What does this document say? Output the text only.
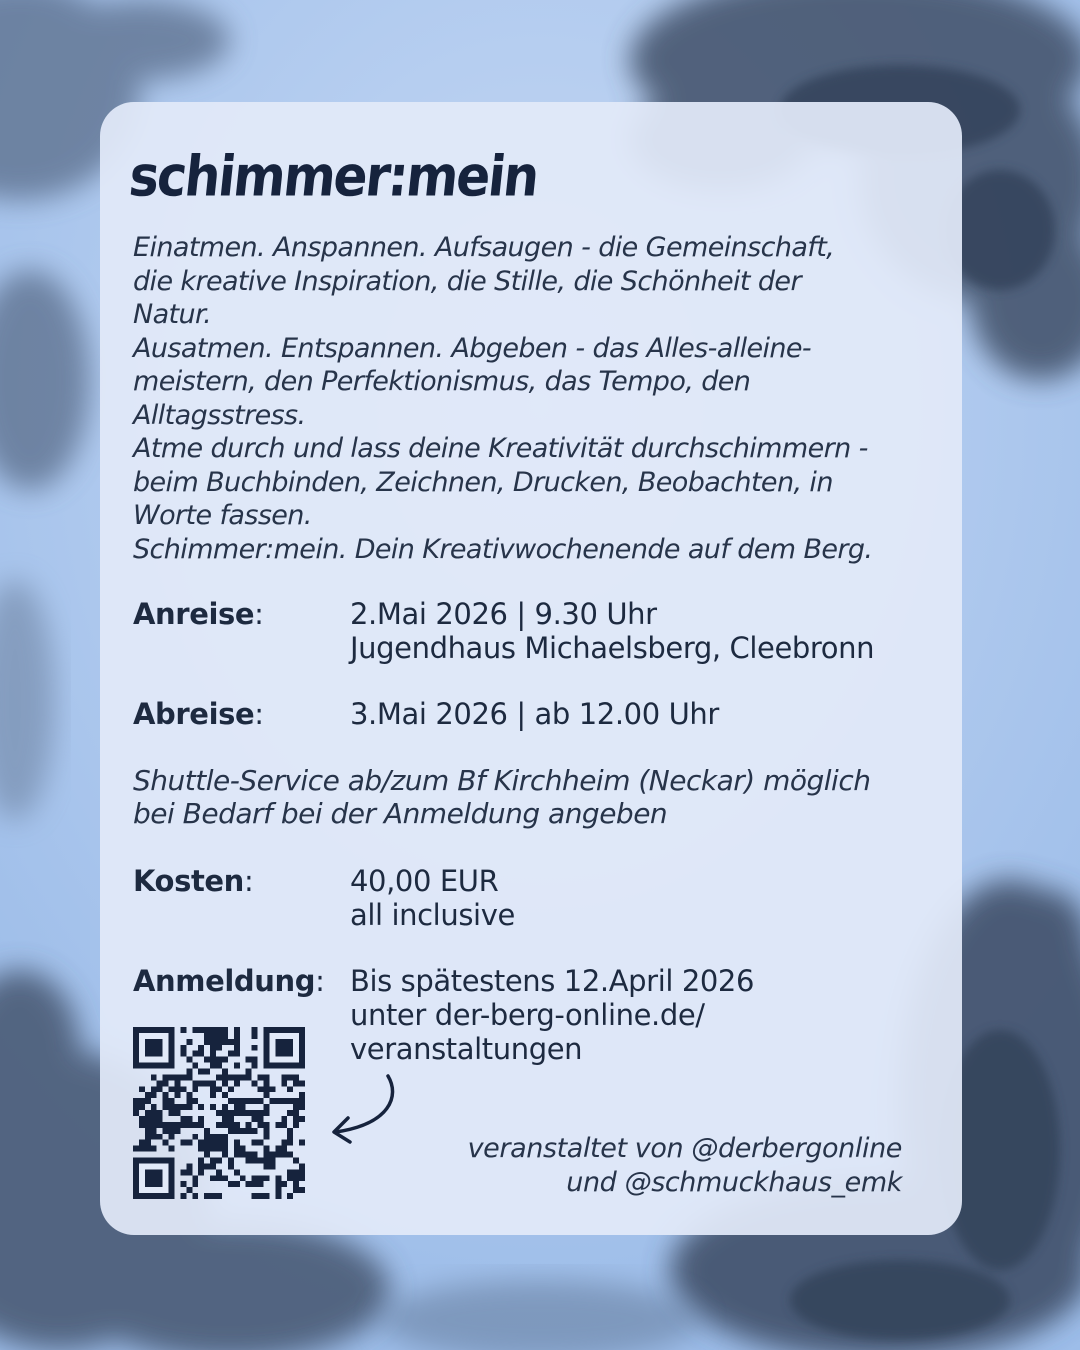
schimmer:mein

Einatmen. Anspannen. Aufsaugen - die Gemeinschaft,

die kreative Inspiration, die Stille, die Schönheit der

Natur.

Ausatmen. Entspannen. Abgeben - das Alles-alleine-

meistern, den Perfektionismus, das Tempo, den

Alltagsstress.

Atme durch und lass deine Kreativität durchschimmern -

beim Buchbinden, Zeichnen, Drucken, Beobachten, in

Worte fassen.

Schimmer:mein. Dein Kreativwochenende auf dem Berg.

Anreise:	2.Mai 2026 | 9.30 Uhr
Jugendhaus Michaelsberg, Cleebronn
Abreise:	3.Mai 2026 | ab 12.00 Uhr
Shuttle-Service ab/zum Bf Kirchheim (Neckar) möglich
bei Bedarf bei der Anmeldung angeben
Kosten:	40,00 EUR
all inclusive
Anmeldung: Bis spätestens 12.April 2026
unter der-berg-online.de/
veranstaltungen
veranstaltet von @derbergonline
und @schmuckhaus_emk
